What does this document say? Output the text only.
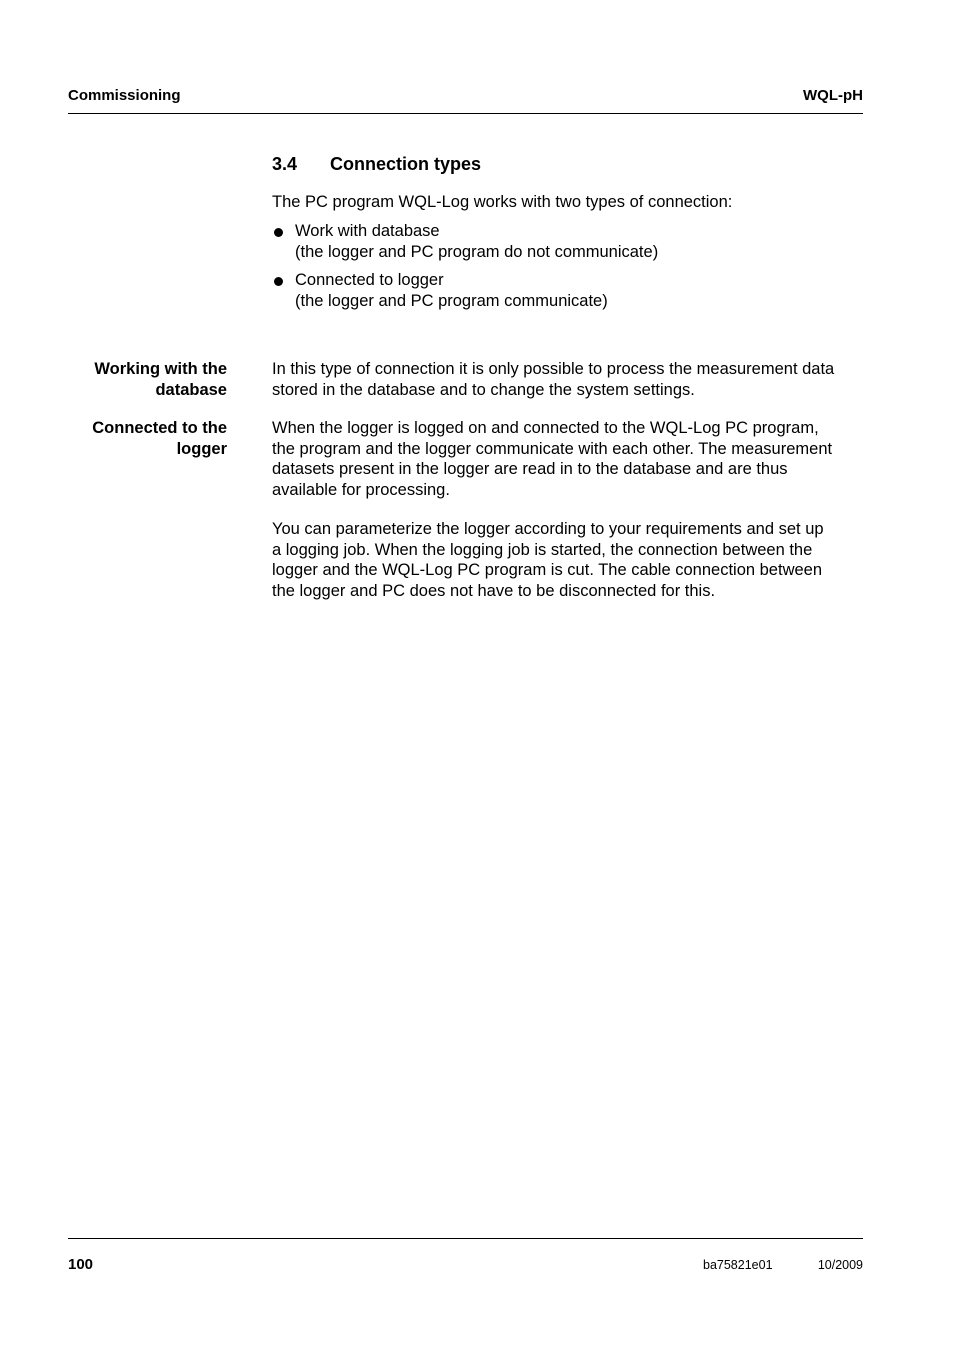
Commissioning	WQL-pH
3.4 Connection types
The PC program WQL-Log works with two types of connection:
Work with database
(the logger and PC program do not communicate)
Connected to logger
(the logger and PC program communicate)
Working with the
database
In this type of connection it is only possible to process the measurement data
stored in the database and to change the system settings.
Connected to the
logger
When the logger is logged on and connected to the WQL-Log PC program,
the program and the logger communicate with each other. The measurement
datasets present in the logger are read in to the database and are thus
available for processing.
You can parameterize the logger according to your requirements and set up
a logging job. When the logging job is started, the connection between the
logger and the WQL-Log PC program is cut. The cable connection between
the logger and PC does not have to be disconnected for this.
100	ba75821e01	10/2009
